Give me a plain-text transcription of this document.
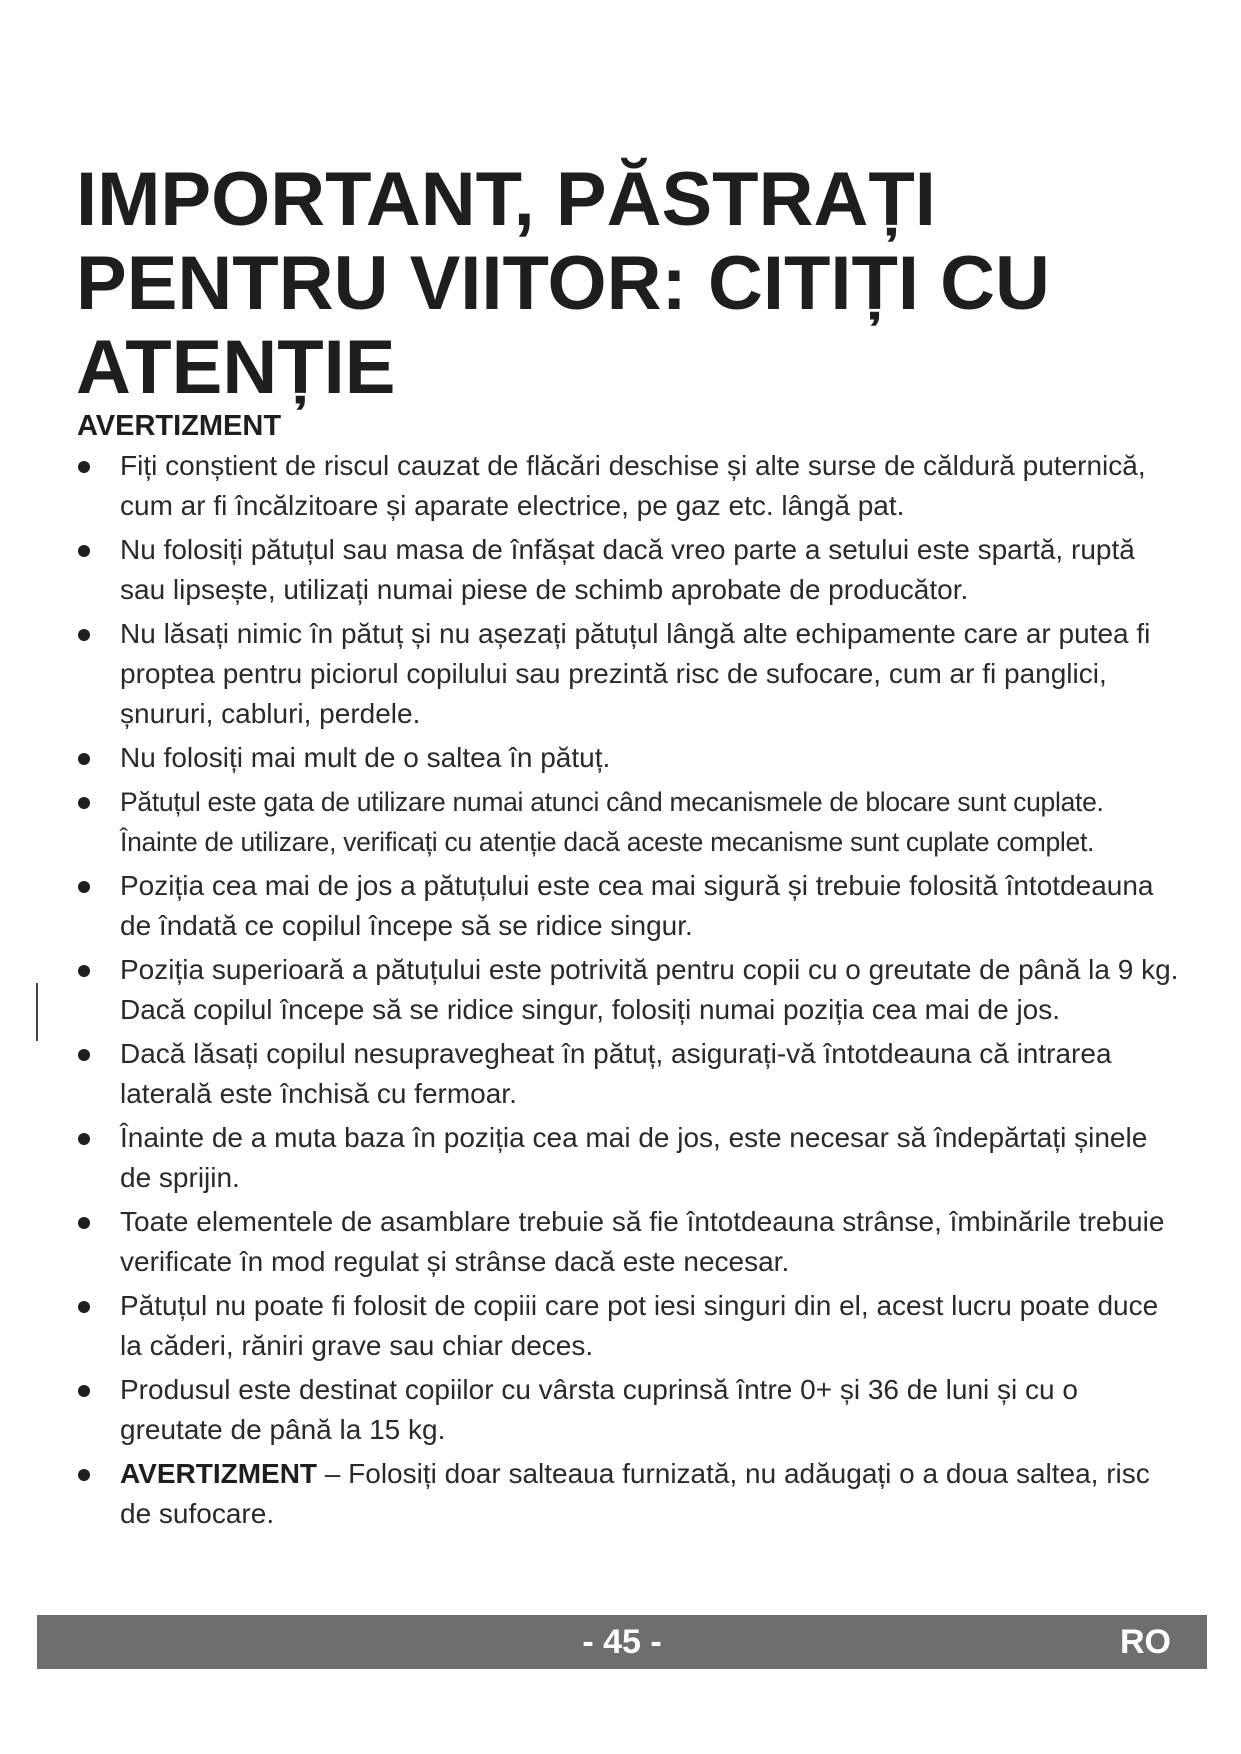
IMPORTANT, PĂSTRAȚI
PENTRU VIITOR: CITIȚI CU
ATENȚIE
AVERTIZMENT
Fiți conștient de riscul cauzat de flăcări deschise și alte surse de căldură puternică, cum ar fi încălzitoare și aparate electrice, pe gaz etc. lângă pat.
Nu folosiți pătuțul sau masa de înfășat dacă vreo parte a setului este spartă, ruptă sau lipsește, utilizați numai piese de schimb aprobate de producător.
Nu lăsați nimic în pătuț și nu așezați pătuțul lângă alte echipamente care ar putea fi proptea pentru piciorul copilului sau prezintă risc de sufocare, cum ar fi panglici, șnururi, cabluri, perdele.
Nu folosiți mai mult de o saltea în pătuț.
Pătuțul este gata de utilizare numai atunci când mecanismele de blocare sunt cuplate. Înainte de utilizare, verificați cu atenție dacă aceste mecanisme sunt cuplate complet.
Poziția cea mai de jos a pătuțului este cea mai sigură și trebuie folosită întotdeauna de îndată ce copilul începe să se ridice singur.
Poziția superioară a pătuțului este potrivită pentru copii cu o greutate de până la 9 kg. Dacă copilul începe să se ridice singur, folosiți numai poziția cea mai de jos.
Dacă lăsați copilul nesupravegheat în pătuț, asigurați-vă întotdeauna că intrarea laterală este închisă cu fermoar.
Înainte de a muta baza în poziția cea mai de jos, este necesar să îndepărtați șinele de sprijin.
Toate elementele de asamblare trebuie să fie întotdeauna strânse, îmbinările trebuie verificate în mod regulat și strânse dacă este necesar.
Pătuțul nu poate fi folosit de copiii care pot iesi singuri din el, acest lucru poate duce la căderi, răniri grave sau chiar deces.
Produsul este destinat copiilor cu vârsta cuprinsă între 0+ și 36 de luni și cu o greutate de până la 15 kg.
AVERTIZMENT – Folosiți doar salteaua furnizată, nu adăugați o a doua saltea, risc de sufocare.
- 45 -	RO
